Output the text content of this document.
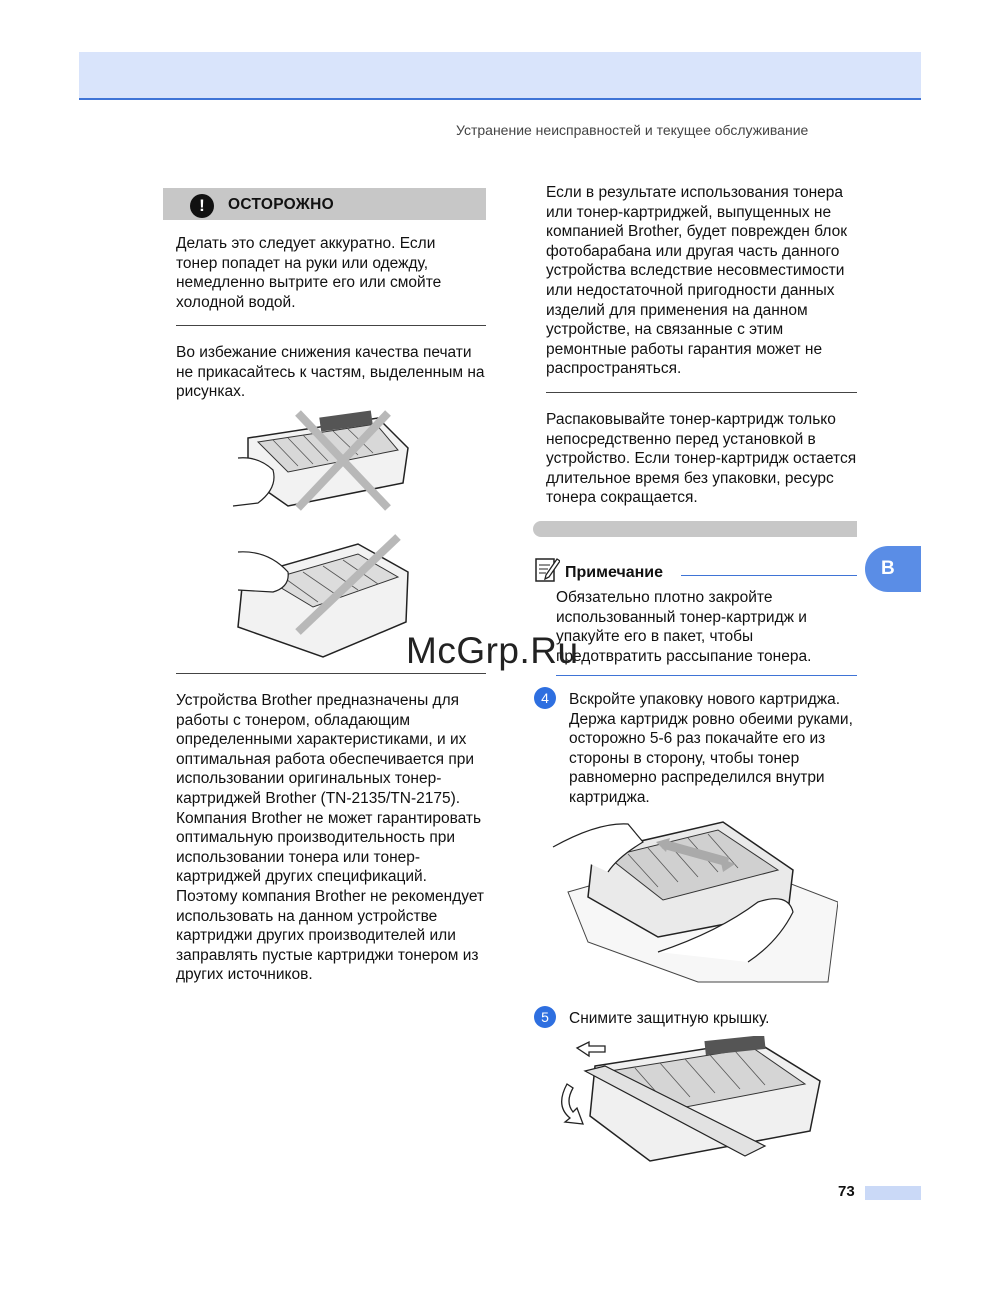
Устранение неисправностей и текущее обслуживание
!	ОСТОРОЖНО
Делать это следует аккуратно. Если тонер попадет на руки или одежду, немедленно вытрите его или смойте холодной водой.
Во избежание снижения качества печати не прикасайтесь к частям, выделенным на рисунках.
Устройства Brother предназначены для работы с тонером, обладающим определенными характеристиками, и их оптимальная работа обеспечивается при использовании оригинальных тонер-картриджей Brother (TN-2135/TN-2175). Компания Brother не может гарантировать оптимальную производительность при использовании тонера или тонер-картриджей других спецификаций. Поэтому компания Brother не рекомендует использовать на данном устройстве картриджи других производителей или заправлять пустые картриджи тонером из других источников.
Если в результате использования тонера или тонер-картриджей, выпущенных не компанией Brother, будет поврежден блок фотобарабана или другая часть данного устройства вследствие несовместимости или недостаточной пригодности данных изделий для применения на данном устройстве, на связанные с этим ремонтные работы гарантия может не распространяться.
Распаковывайте тонер-картридж только непосредственно перед установкой в устройство. Если тонер-картридж остается длительное время без упаковки, ресурс тонера сокращается.
Примечание
Обязательно плотно закройте использованный тонер-картридж и упакуйте его в пакет, чтобы предотвратить рассыпание тонера.
B
4	Вскройте упаковку нового картриджа. Держа картридж ровно обеими руками, осторожно 5-6 раз покачайте его из стороны в сторону, чтобы тонер равномерно распределился внутри картриджа.
5	Снимите защитную крышку.
McGrp.Ru
73
